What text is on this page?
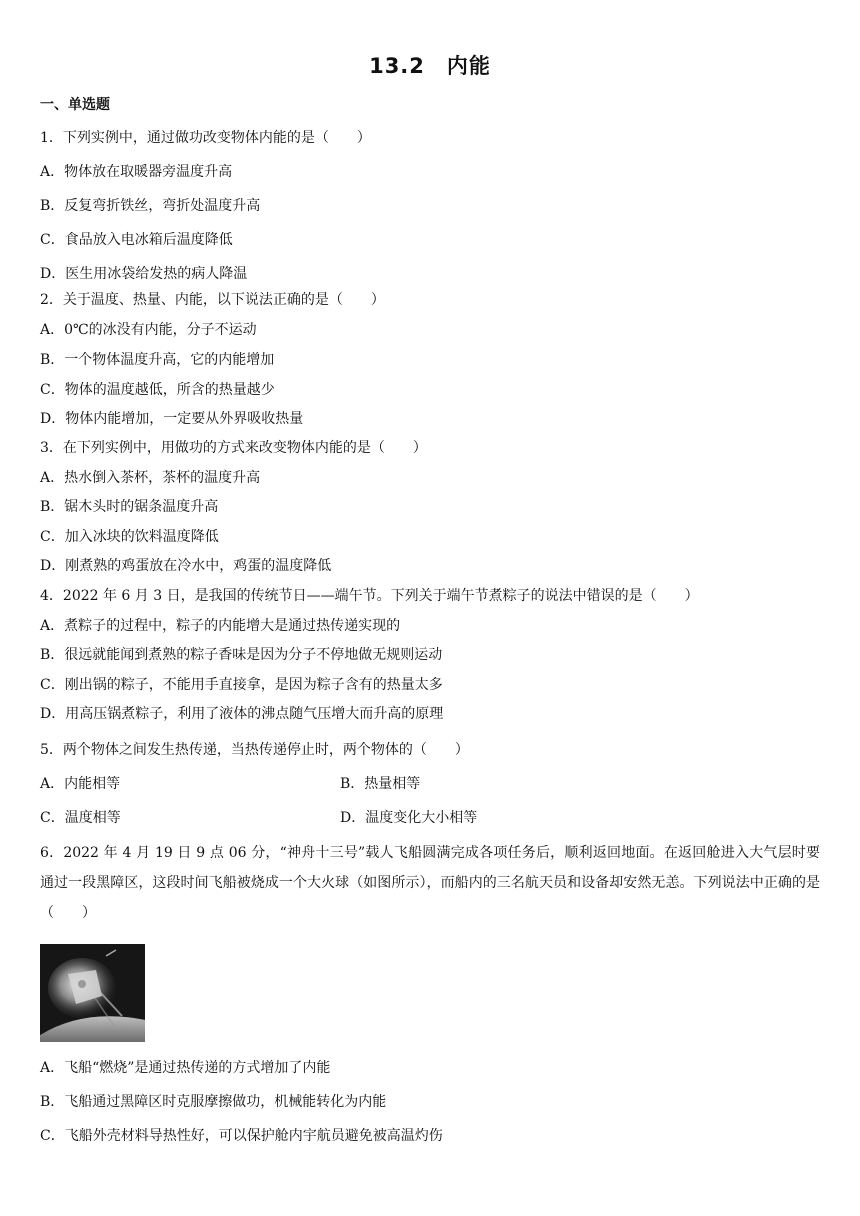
13.2　内能
一、单选题
1．下列实例中，通过做功改变物体内能的是（　　）
A．物体放在取暖器旁温度升高
B．反复弯折铁丝，弯折处温度升高
C．食品放入电冰箱后温度降低
D．医生用冰袋给发热的病人降温
2．关于温度、热量、内能，以下说法正确的是（　　）
A．0℃的冰没有内能，分子不运动
B．一个物体温度升高，它的内能增加
C．物体的温度越低，所含的热量越少
D．物体内能增加，一定要从外界吸收热量
3．在下列实例中，用做功的方式来改变物体内能的是（　　）
A．热水倒入茶杯，茶杯的温度升高
B．锯木头时的锯条温度升高
C．加入冰块的饮料温度降低
D．刚煮熟的鸡蛋放在冷水中，鸡蛋的温度降低
4．2022 年 6 月 3 日，是我国的传统节日——端午节。下列关于端午节煮粽子的说法中错误的是（　　）
A．煮粽子的过程中，粽子的内能增大是通过热传递实现的
B．很远就能闻到煮熟的粽子香味是因为分子不停地做无规则运动
C．刚出锅的粽子，不能用手直接拿，是因为粽子含有的热量太多
D．用高压锅煮粽子，利用了液体的沸点随气压增大而升高的原理
5．两个物体之间发生热传递，当热传递停止时，两个物体的（　　）
A．内能相等	B．热量相等
C．温度相等	D．温度变化大小相等
6．2022 年 4 月 19 日 9 点 06 分，“神舟十三号”载人飞船圆满完成各项任务后，顺利返回地面。在返回舱进入大气层时要通过一段黑障区，这段时间飞船被烧成一个大火球（如图所示），而船内的三名航天员和设备却安然无恙。下列说法中正确的是（　　）
A．飞船“燃烧”是通过热传递的方式增加了内能
B．飞船通过黑障区时克服摩擦做功，机械能转化为内能
C．飞船外壳材料导热性好，可以保护舱内宇航员避免被高温灼伤
